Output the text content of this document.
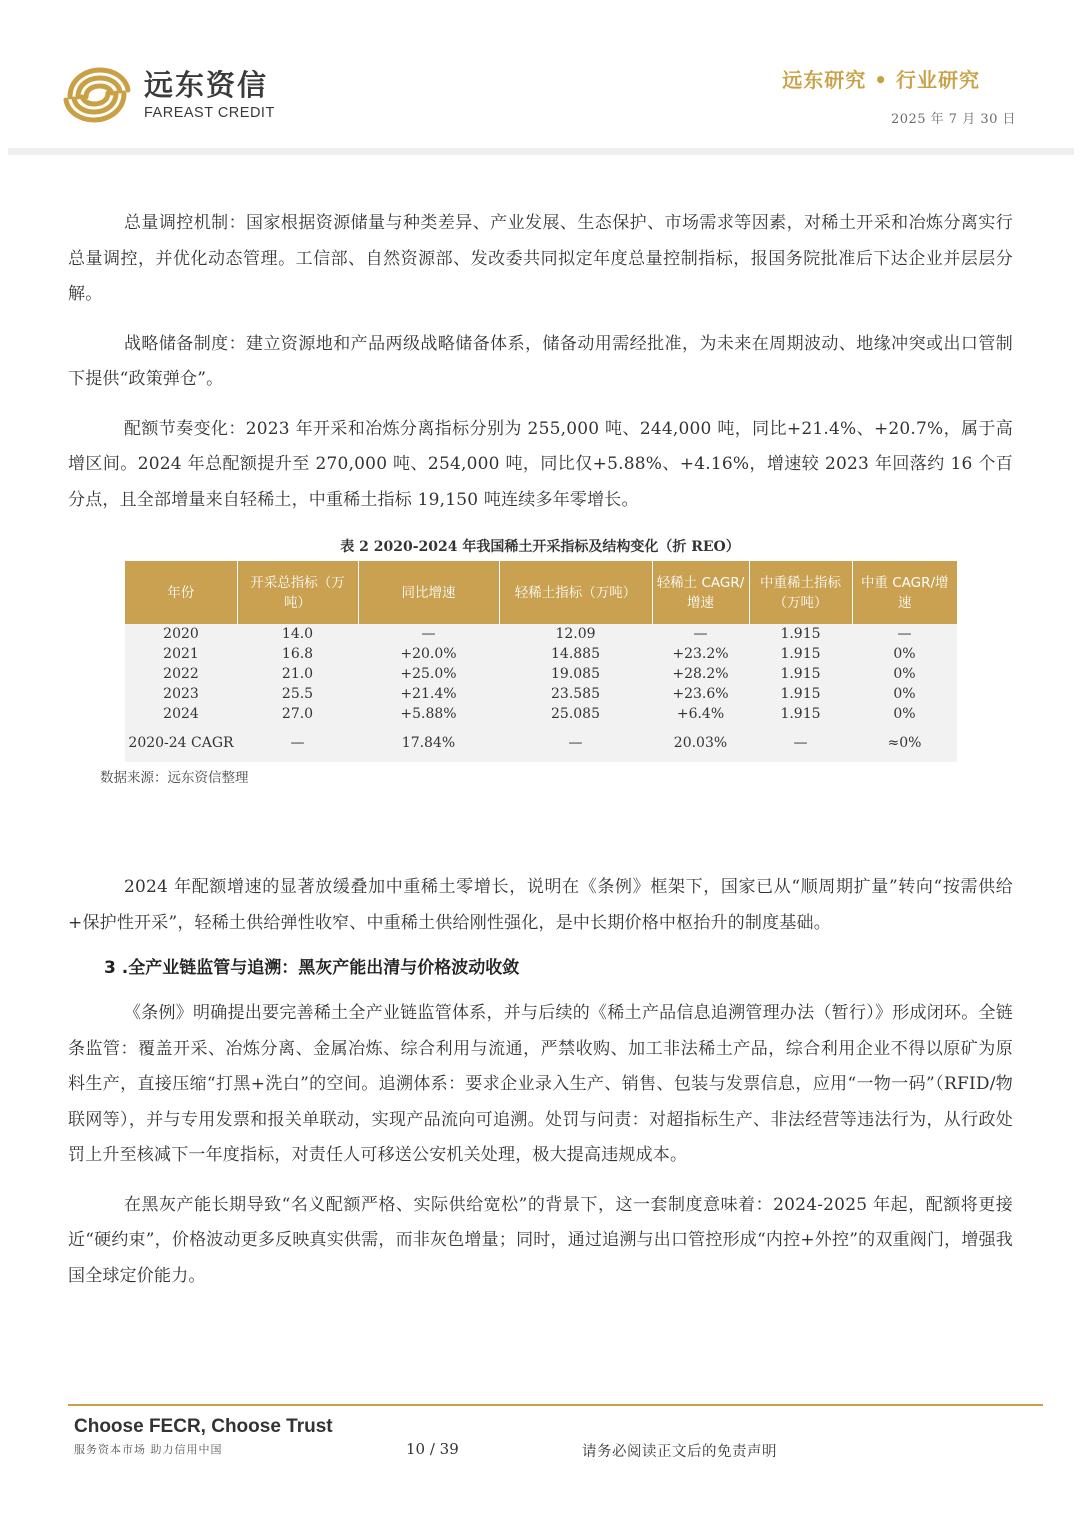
远东资信
FAREAST CREDIT
远东研究 • 行业研究
2025 年 7 月 30 日

总量调控机制：国家根据资源储量与种类差异、产业发展、生态保护、市场需求等因素，对稀土开采和冶炼分离实行总量调控，并优化动态管理。工信部、自然资源部、发改委共同拟定年度总量控制指标，报国务院批准后下达企业并层层分解。

战略储备制度：建立资源地和产品两级战略储备体系，储备动用需经批准，为未来在周期波动、地缘冲突或出口管制下提供“政策弹仓”。

配额节奏变化：2023 年开采和冶炼分离指标分别为 255,000 吨、244,000 吨，同比+21.4%、+20.7%，属于高增区间。2024 年总配额提升至 270,000 吨、254,000 吨，同比仅+5.88%、+4.16%，增速较 2023 年回落约 16 个百分点，且全部增量来自轻稀土，中重稀土指标 19,150 吨连续多年零增长。

表 2 2020-2024 年我国稀土开采指标及结构变化（折 REO）
年份	开采总指标（万吨）	同比增速	轻稀土指标（万吨）	轻稀土 CAGR/增速	中重稀土指标（万吨）	中重 CAGR/增速
2020	14.0	—	12.09	—	1.915	—
2021	16.8	+20.0%	14.885	+23.2%	1.915	0%
2022	21.0	+25.0%	19.085	+28.2%	1.915	0%
2023	25.5	+21.4%	23.585	+23.6%	1.915	0%
2024	27.0	+5.88%	25.085	+6.4%	1.915	0%
2020-24 CAGR	—	17.84%	—	20.03%	—	≈0%
数据来源：远东资信整理

2024 年配额增速的显著放缓叠加中重稀土零增长，说明在《条例》框架下，国家已从“顺周期扩量”转向“按需供给+保护性开采”，轻稀土供给弹性收窄、中重稀土供给刚性强化，是中长期价格中枢抬升的制度基础。

3 .全产业链监管与追溯：黑灰产能出清与价格波动收敛

《条例》明确提出要完善稀土全产业链监管体系，并与后续的《稀土产品信息追溯管理办法（暂行）》形成闭环。全链条监管：覆盖开采、冶炼分离、金属冶炼、综合利用与流通，严禁收购、加工非法稀土产品，综合利用企业不得以原矿为原料生产，直接压缩“打黑+洗白”的空间。追溯体系：要求企业录入生产、销售、包装与发票信息，应用“一物一码”（RFID/物联网等），并与专用发票和报关单联动，实现产品流向可追溯。处罚与问责：对超指标生产、非法经营等违法行为，从行政处罚上升至核减下一年度指标，对责任人可移送公安机关处理，极大提高违规成本。

在黑灰产能长期导致“名义配额严格、实际供给宽松”的背景下，这一套制度意味着：2024-2025 年起，配额将更接近“硬约束”，价格波动更多反映真实供需，而非灰色增量；同时，通过追溯与出口管控形成“内控+外控”的双重阀门，增强我国全球定价能力。

Choose FECR, Choose Trust
服务资本市场 助力信用中国	10 / 39	请务必阅读正文后的免责声明
